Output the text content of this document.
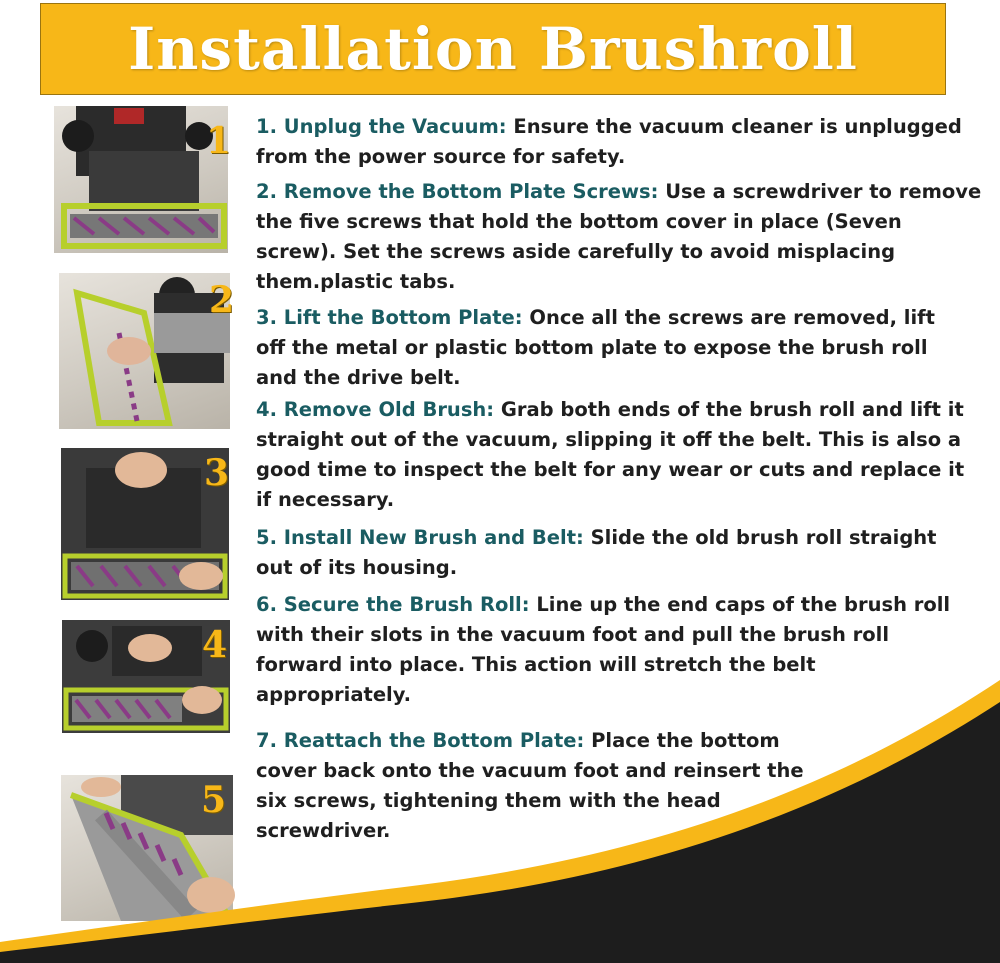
Installation Brushroll
1
2
3
4
5
1. Unplug the Vacuum: Ensure the vacuum cleaner is unplugged from the power source for safety.
2. Remove the Bottom Plate Screws: Use a screwdriver to remove the five screws that hold the bottom cover in place (Seven screw). Set the screws aside carefully to avoid misplacing them.plastic tabs.
3. Lift the Bottom Plate: Once all the screws are removed, lift off the metal or plastic bottom plate to expose the brush roll and the drive belt.
4. Remove Old Brush: Grab both ends of the brush roll and lift it straight out of the vacuum, slipping it off the belt. This is also a good time to inspect the belt for any wear or cuts and replace it if necessary.
5. Install New Brush and Belt: Slide the old brush roll straight out of its housing.
6. Secure the Brush Roll: Line up the end caps of the brush roll with their slots in the vacuum foot and pull the brush roll forward into place. This action will stretch the belt appropriately.
7. Reattach the Bottom Plate: Place the bottom cover back onto the vacuum foot and reinsert the six screws, tightening them with the head screwdriver.
